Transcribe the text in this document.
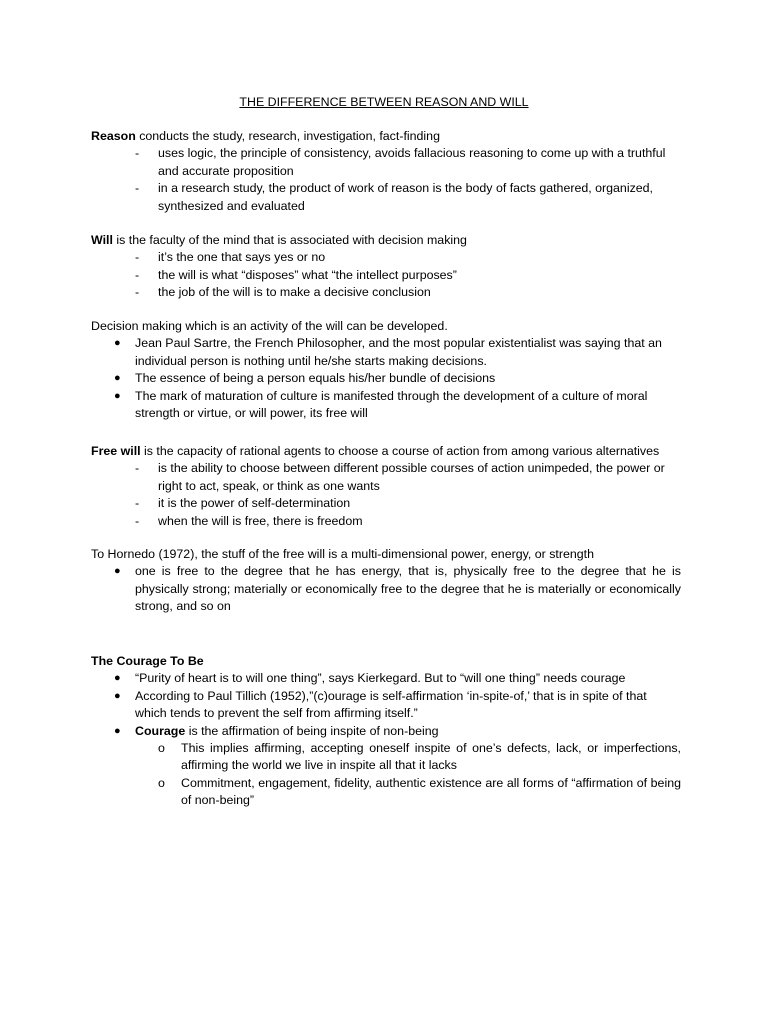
THE DIFFERENCE BETWEEN REASON AND WILL

Reason conducts the study, research, investigation, fact-finding

- uses logic, the principle of consistency, avoids fallacious reasoning to come up with a truthful and accurate proposition
- in a research study, the product of work of reason is the body of facts gathered, organized, synthesized and evaluated

Will is the faculty of the mind that is associated with decision making

- it’s the one that says yes or no
- the will is what “disposes” what “the intellect purposes”
- the job of the will is to make a decisive conclusion

Decision making which is an activity of the will can be developed.

● Jean Paul Sartre, the French Philosopher, and the most popular existentialist was saying that an individual person is nothing until he/she starts making decisions.
● The essence of being a person equals his/her bundle of decisions
● The mark of maturation of culture is manifested through the development of a culture of moral strength or virtue, or will power, its free will

Free will is the capacity of rational agents to choose a course of action from among various alternatives

- is the ability to choose between different possible courses of action unimpeded, the power or right to act, speak, or think as one wants
- it is the power of self-determination
- when the will is free, there is freedom

To Hornedo (1972), the stuff of the free will is a multi-dimensional power, energy, or strength

● one is free to the degree that he has energy, that is, physically free to the degree that he is physically strong; materially or economically free to the degree that he is materially or economically strong, and so on

The Courage To Be

● “Purity of heart is to will one thing”, says Kierkegard. But to “will one thing” needs courage
● According to Paul Tillich (1952),”(c)ourage is self-affirmation ‘in-spite-of,’ that is in spite of that which tends to prevent the self from affirming itself.”
● Courage is the affirmation of being inspite of non-being
o This implies affirming, accepting oneself inspite of one’s defects, lack, or imperfections, affirming the world we live in inspite all that it lacks
o Commitment, engagement, fidelity, authentic existence are all forms of “affirmation of being of non-being”
